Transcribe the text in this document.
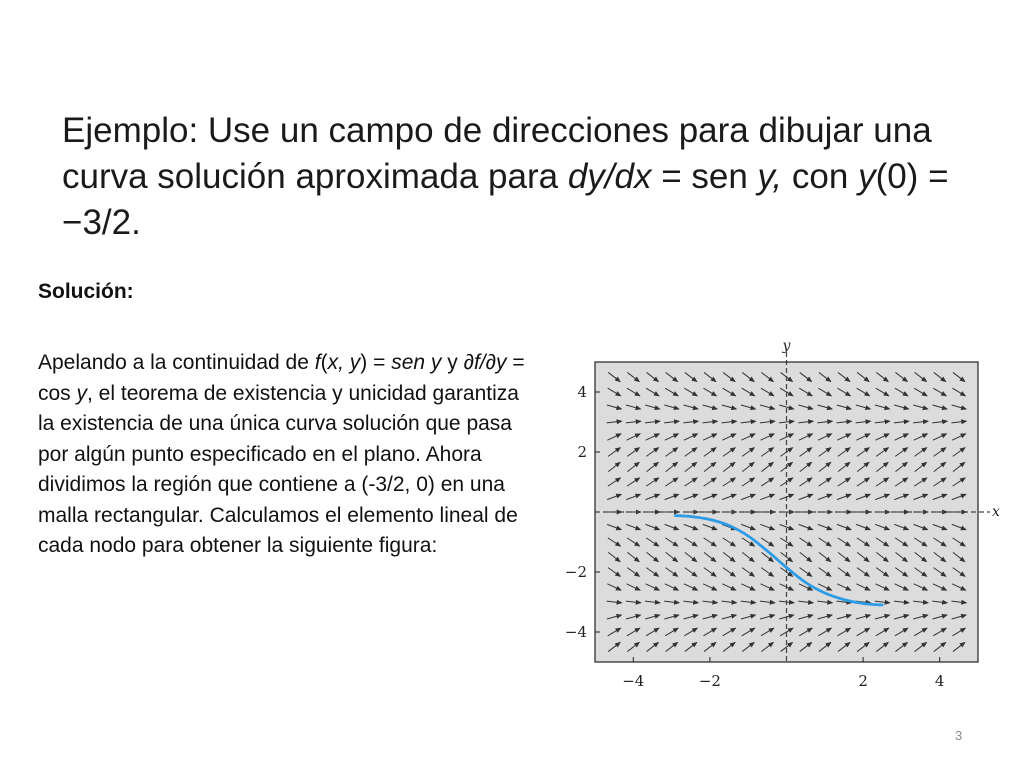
Ejemplo: Use un campo de direcciones para dibujar una curva solución aproximada para dy/dx = sen y, con y(0) = −3/2.
Solución:
Apelando a la continuidad de f(x, y) = sen y y ∂f/∂y = cos y, el teorema de existencia y unicidad garantiza la existencia de una única curva solución que pasa por algún punto especificado en el plano. Ahora dividimos la región que contiene a (-3/2, 0) en una malla rectangular. Calculamos el elemento lineal de cada nodo para obtener la siguiente figura:
−4	−2	2	4
4
2
−2
−4
x
y
3
